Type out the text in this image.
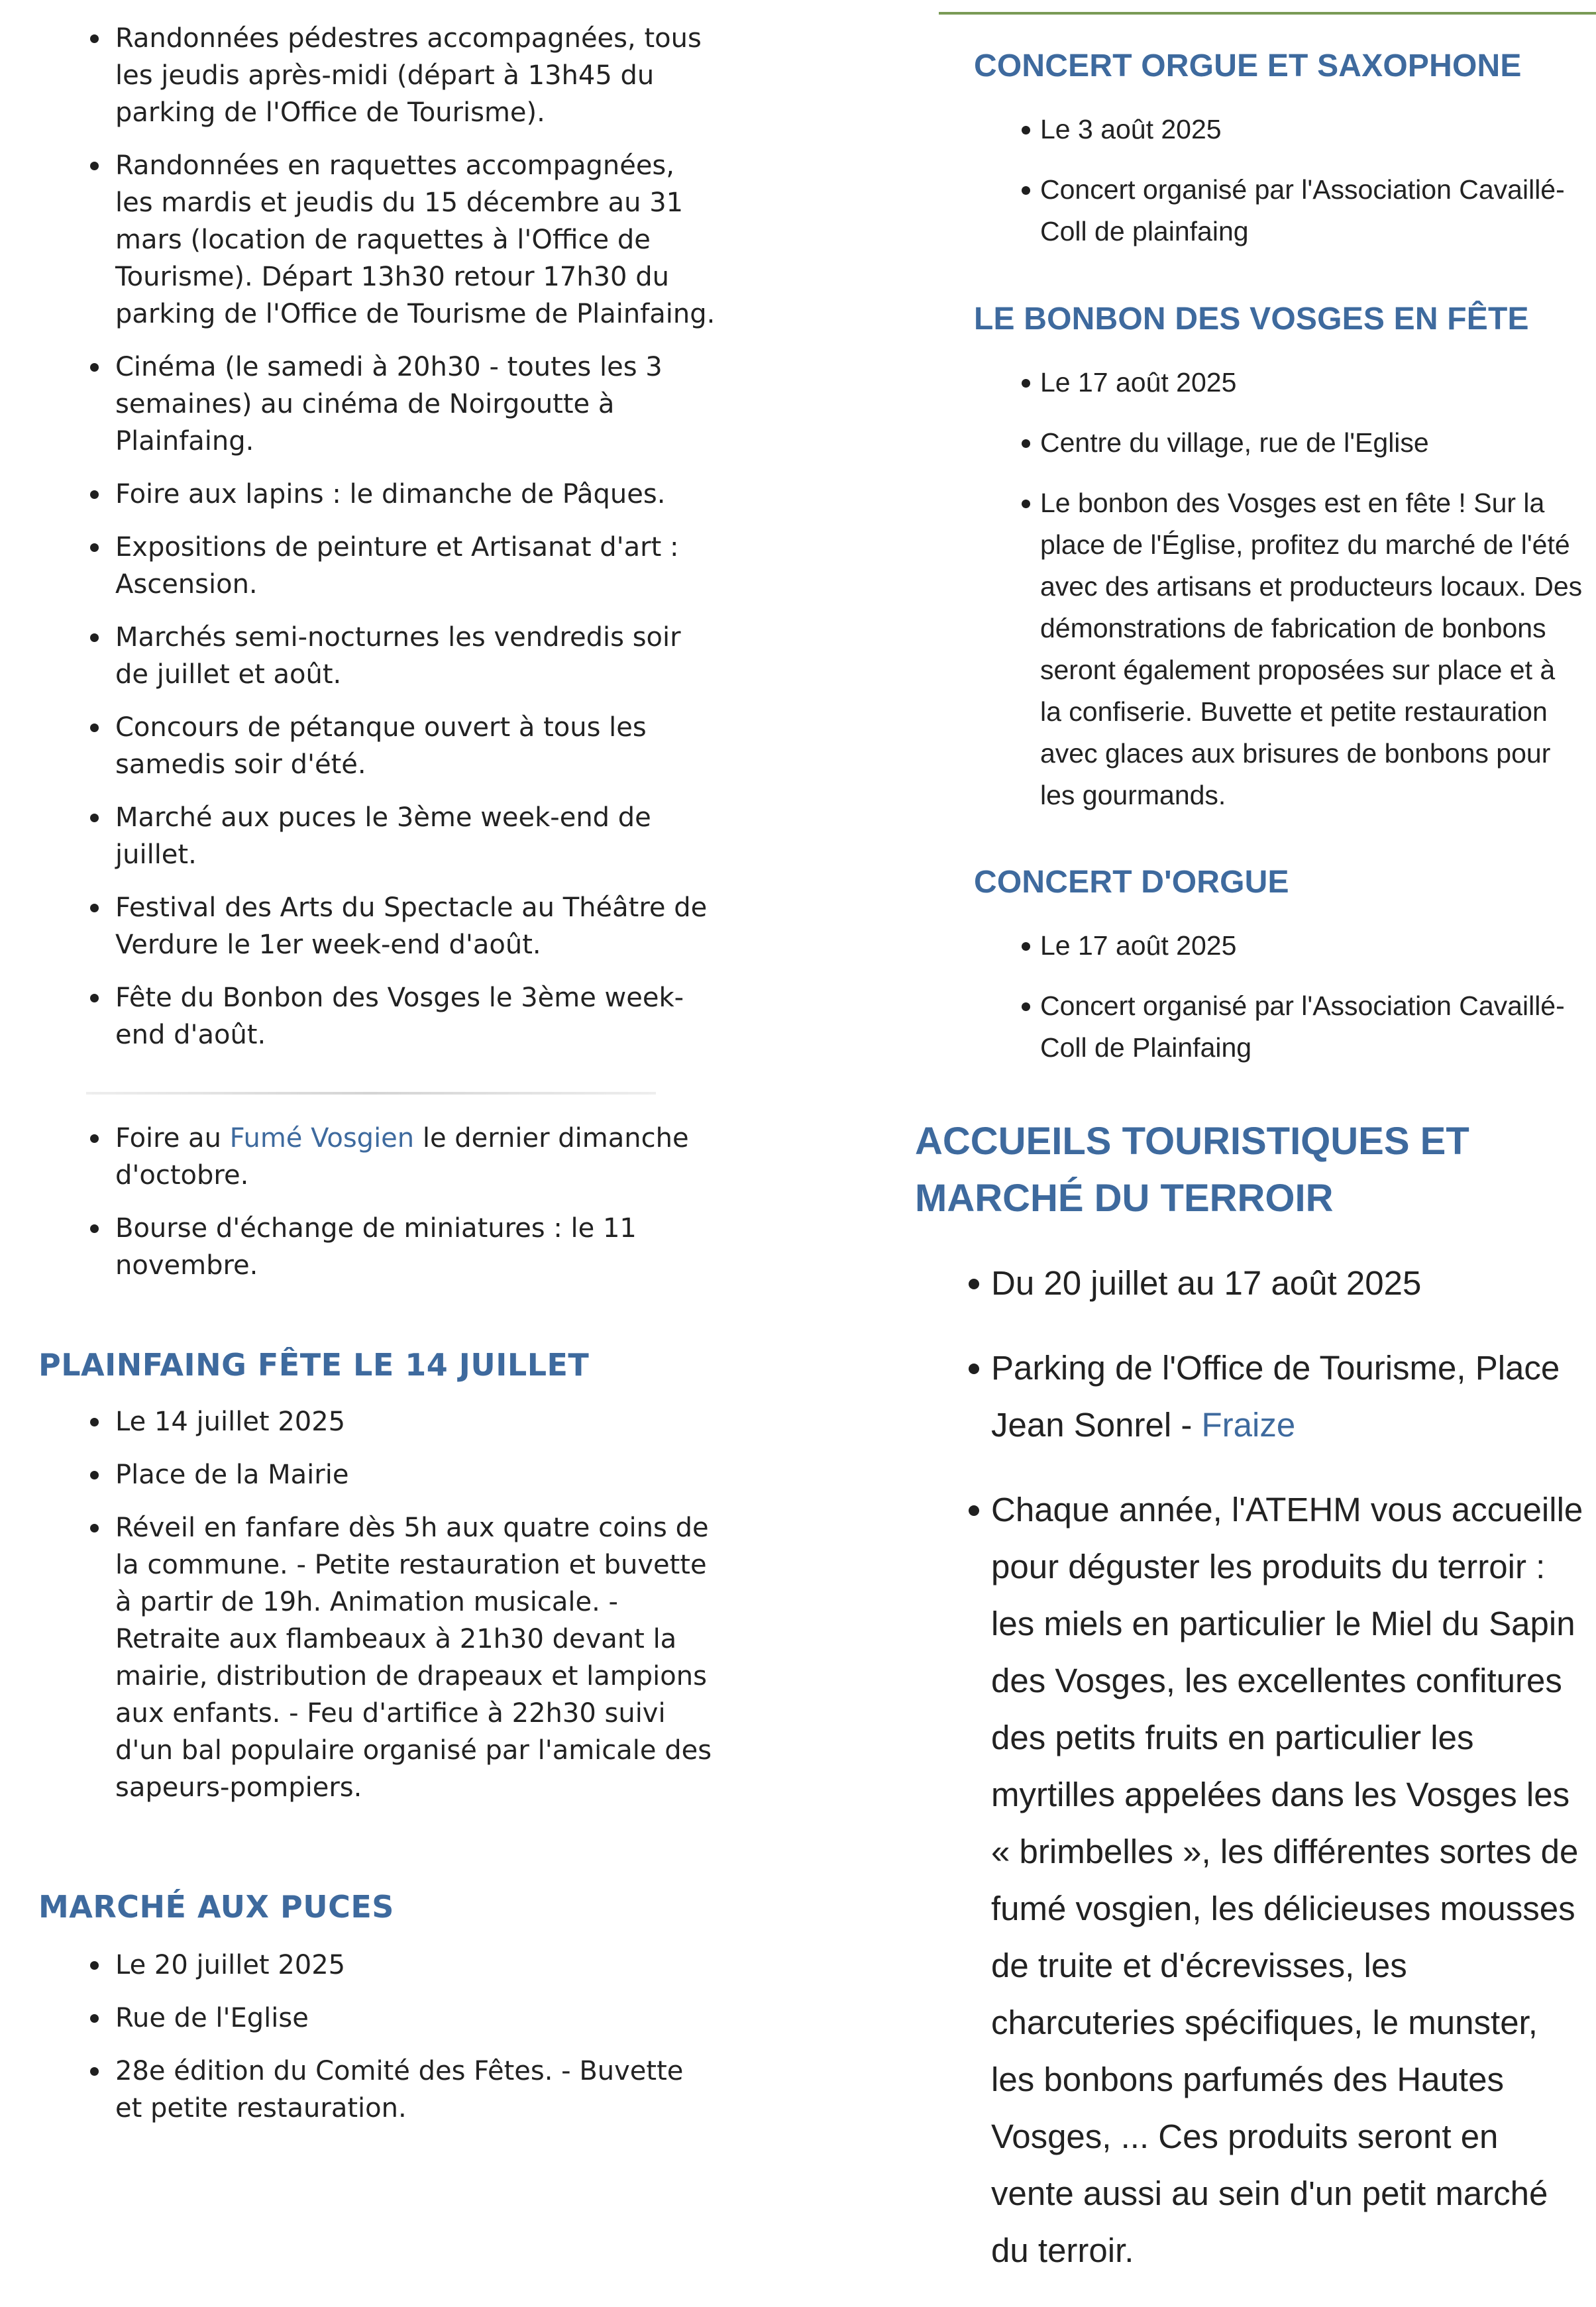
Randonnées pédestres accompagnées, tous les jeudis après-midi (départ à 13h45 du parking de l'Office de Tourisme).
Randonnées en raquettes accompagnées, les mardis et jeudis du 15 décembre au 31 mars (location de raquettes à l'Office de Tourisme). Départ 13h30 retour 17h30 du parking de l'Office de Tourisme de Plainfaing.
Cinéma (le samedi à 20h30 - toutes les 3 semaines) au cinéma de Noirgoutte à Plainfaing.
Foire aux lapins : le dimanche de Pâques.
Expositions de peinture et Artisanat d'art : Ascension.
Marchés semi-nocturnes les vendredis soir de juillet et août.
Concours de pétanque ouvert à tous les samedis soir d'été.
Marché aux puces le 3ème week-end de juillet.
Festival des Arts du Spectacle au Théâtre de Verdure le 1er week-end d'août.
Fête du Bonbon des Vosges le 3ème week-end d'août.
Foire au Fumé Vosgien le dernier dimanche d'octobre.
Bourse d'échange de miniatures : le 11 novembre.
PLAINFAING FÊTE LE 14 JUILLET
Le 14 juillet 2025
Place de la Mairie
Réveil en fanfare dès 5h aux quatre coins de la commune. - Petite restauration et buvette à partir de 19h. Animation musicale. - Retraite aux flambeaux à 21h30 devant la mairie, distribution de drapeaux et lampions aux enfants. - Feu d'artifice à 22h30 suivi d'un bal populaire organisé par l'amicale des sapeurs-pompiers.
MARCHÉ AUX PUCES
Le 20 juillet 2025
Rue de l'Eglise
28e édition du Comité des Fêtes. - Buvette et petite restauration.
CONCERT ORGUE ET SAXOPHONE
Le 3 août 2025
Concert organisé par l'Association Cavaillé-Coll de plainfaing
LE BONBON DES VOSGES EN FÊTE
Le 17 août 2025
Centre du village, rue de l'Eglise
Le bonbon des Vosges est en fête ! Sur la place de l'Église, profitez du marché de l'été avec des artisans et producteurs locaux. Des démonstrations de fabrication de bonbons seront également proposées sur place et à la confiserie. Buvette et petite restauration avec glaces aux brisures de bonbons pour les gourmands.
CONCERT D'ORGUE
Le 17 août 2025
Concert organisé par l'Association Cavaillé-Coll de Plainfaing
ACCUEILS TOURISTIQUES ET MARCHÉ DU TERROIR
Du 20 juillet au 17 août 2025
Parking de l'Office de Tourisme, Place Jean Sonrel - Fraize
Chaque année, l'ATEHM vous accueille pour déguster les produits du terroir : les miels en particulier le Miel du Sapin des Vosges, les excellentes confitures des petits fruits en particulier les myrtilles appelées dans les Vosges les « brimbelles », les différentes sortes de fumé vosgien, les délicieuses mousses de truite et d'écrevisses, les charcuteries spécifiques, le munster, les bonbons parfumés des Hautes Vosges, ... Ces produits seront en vente aussi au sein d'un petit marché du terroir.
